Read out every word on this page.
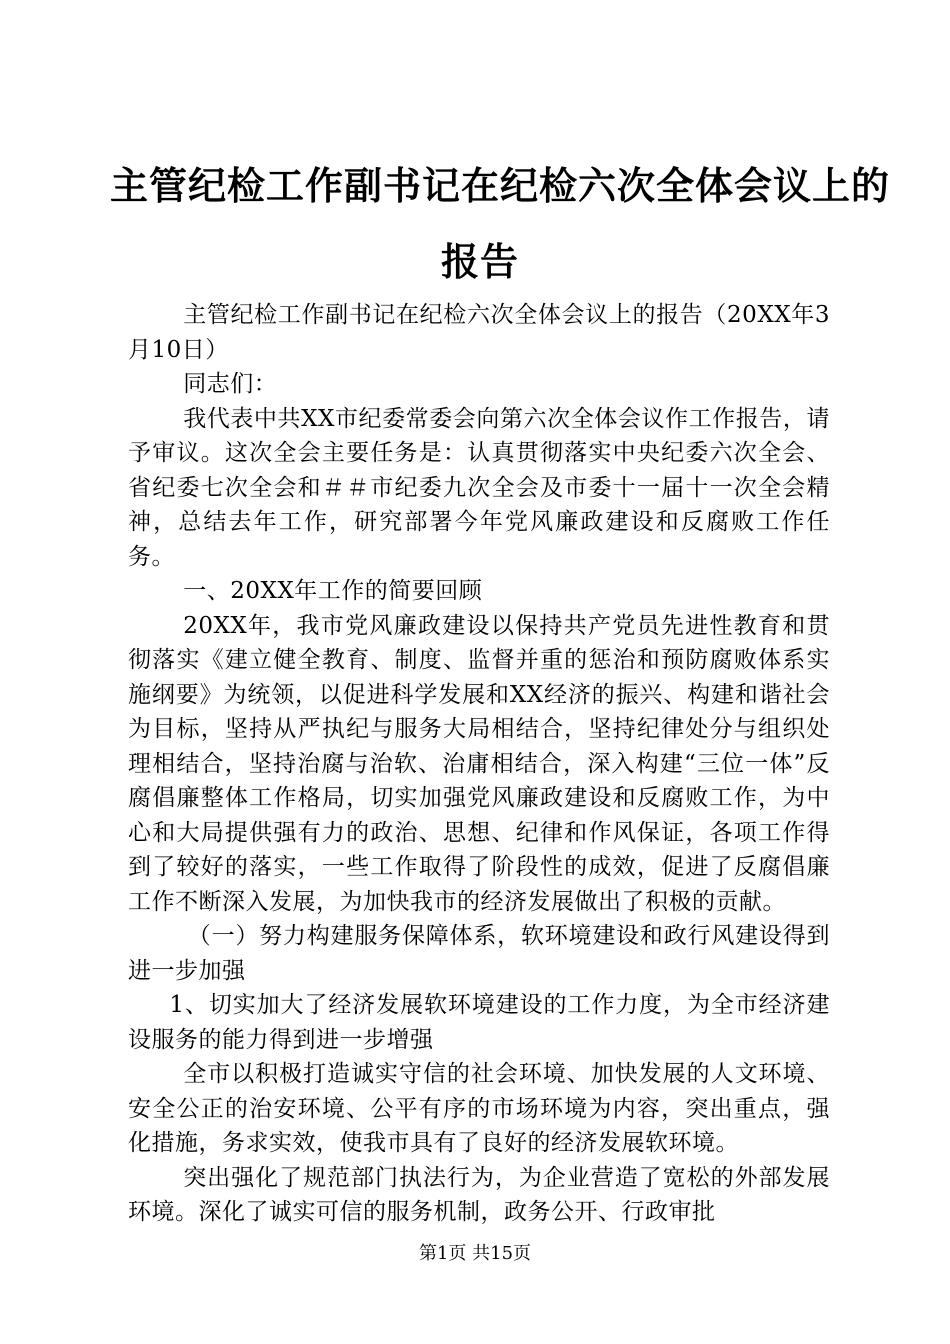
主管纪检工作副书记在纪检六次全体会议上的
报告

主管纪检工作副书记在纪检六次全体会议上的报告（20XX年3月10日）

同志们：

我代表中共XX市纪委常委会向第六次全体会议作工作报告，请予审议。这次全会主要任务是：认真贯彻落实中央纪委六次全会、省纪委七次全会和＃＃市纪委九次全会及市委十一届十一次全会精神，总结去年工作，研究部署今年党风廉政建设和反腐败工作任务。

一、20XX年工作的简要回顾

20XX年，我市党风廉政建设以保持共产党员先进性教育和贯彻落实《建立健全教育、制度、监督并重的惩治和预防腐败体系实施纲要》为统领，以促进科学发展和XX经济的振兴、构建和谐社会为目标，坚持从严执纪与服务大局相结合，坚持纪律处分与组织处理相结合，坚持治腐与治软、治庸相结合，深入构建“三位一体”反腐倡廉整体工作格局，切实加强党风廉政建设和反腐败工作，为中心和大局提供强有力的政治、思想、纪律和作风保证，各项工作得到了较好的落实，一些工作取得了阶段性的成效，促进了反腐倡廉工作不断深入发展，为加快我市的经济发展做出了积极的贡献。

（一）努力构建服务保障体系，软环境建设和政行风建设得到进一步加强

1、切实加大了经济发展软环境建设的工作力度，为全市经济建设服务的能力得到进一步增强

全市以积极打造诚实守信的社会环境、加快发展的人文环境、安全公正的治安环境、公平有序的市场环境为内容，突出重点，强化措施，务求实效，使我市具有了良好的经济发展软环境。

突出强化了规范部门执法行为，为企业营造了宽松的外部发展环境。深化了诚实可信的服务机制，政务公开、行政审批

第1页 共15页
